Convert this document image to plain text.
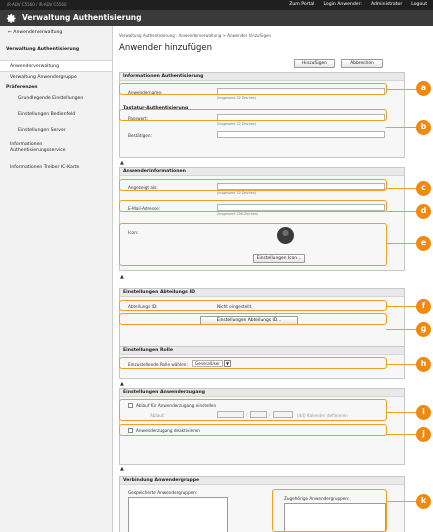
iR-ADV C5560 / iR-ADV C5560	Zum Portal Login Anwender: Administrator Logout
Verwaltung Authentisierung
← Anwenderverwaltung
Verwaltung Authentisierung
Anwenderverwaltung
Verwaltung Anwendergruppe
Präferenzen
Grundlegende Einstellungen
Einstellungen Bedienfeld
Einstellungen Server
Informationen
Authentisierungsservice
Informationen Treiber IC-Karte
Verwaltung Authentisierung : Anwenderverwaltung > Anwender hinzufügen
Anwender hinzufügen
Hinzufügen	Abbrechen
Informationen Authentisierung
Anwendername:
(Insgesamt 32 Zeichen)
Tastatur-Authentisierung
Passwort:
(Insgesamt 32 Zeichen)
Bestätigen:
▲
Anwenderinformationen
Angezeigt als:
(Insgesamt 32 Zeichen)
E-Mail-Adresse:
(Insgesamt 256 Zeichen)
Icon:
Einstellungen Icon...
▲
Einstellungen Abteilungs ID
Abteilungs ID:	Nicht eingestellt.
Einstellungen Abteilungs ID...
Einstellungen Rolle
Einzustellende Rolle wählen:	GeneralUser	▼
▲
Einstellungen Anwenderzugang
Ablauf für Anwenderzugang einstellen
Ablauf:	/	/	(dd) Kalender definieren
Anwenderzugang deaktivieren
▲
Verbindung Anwendergruppe
Gespeicherte Anwendergruppen:
Zugehörige Anwendergruppen:
a
b
c
d
e
f
g
h
i
j
k
